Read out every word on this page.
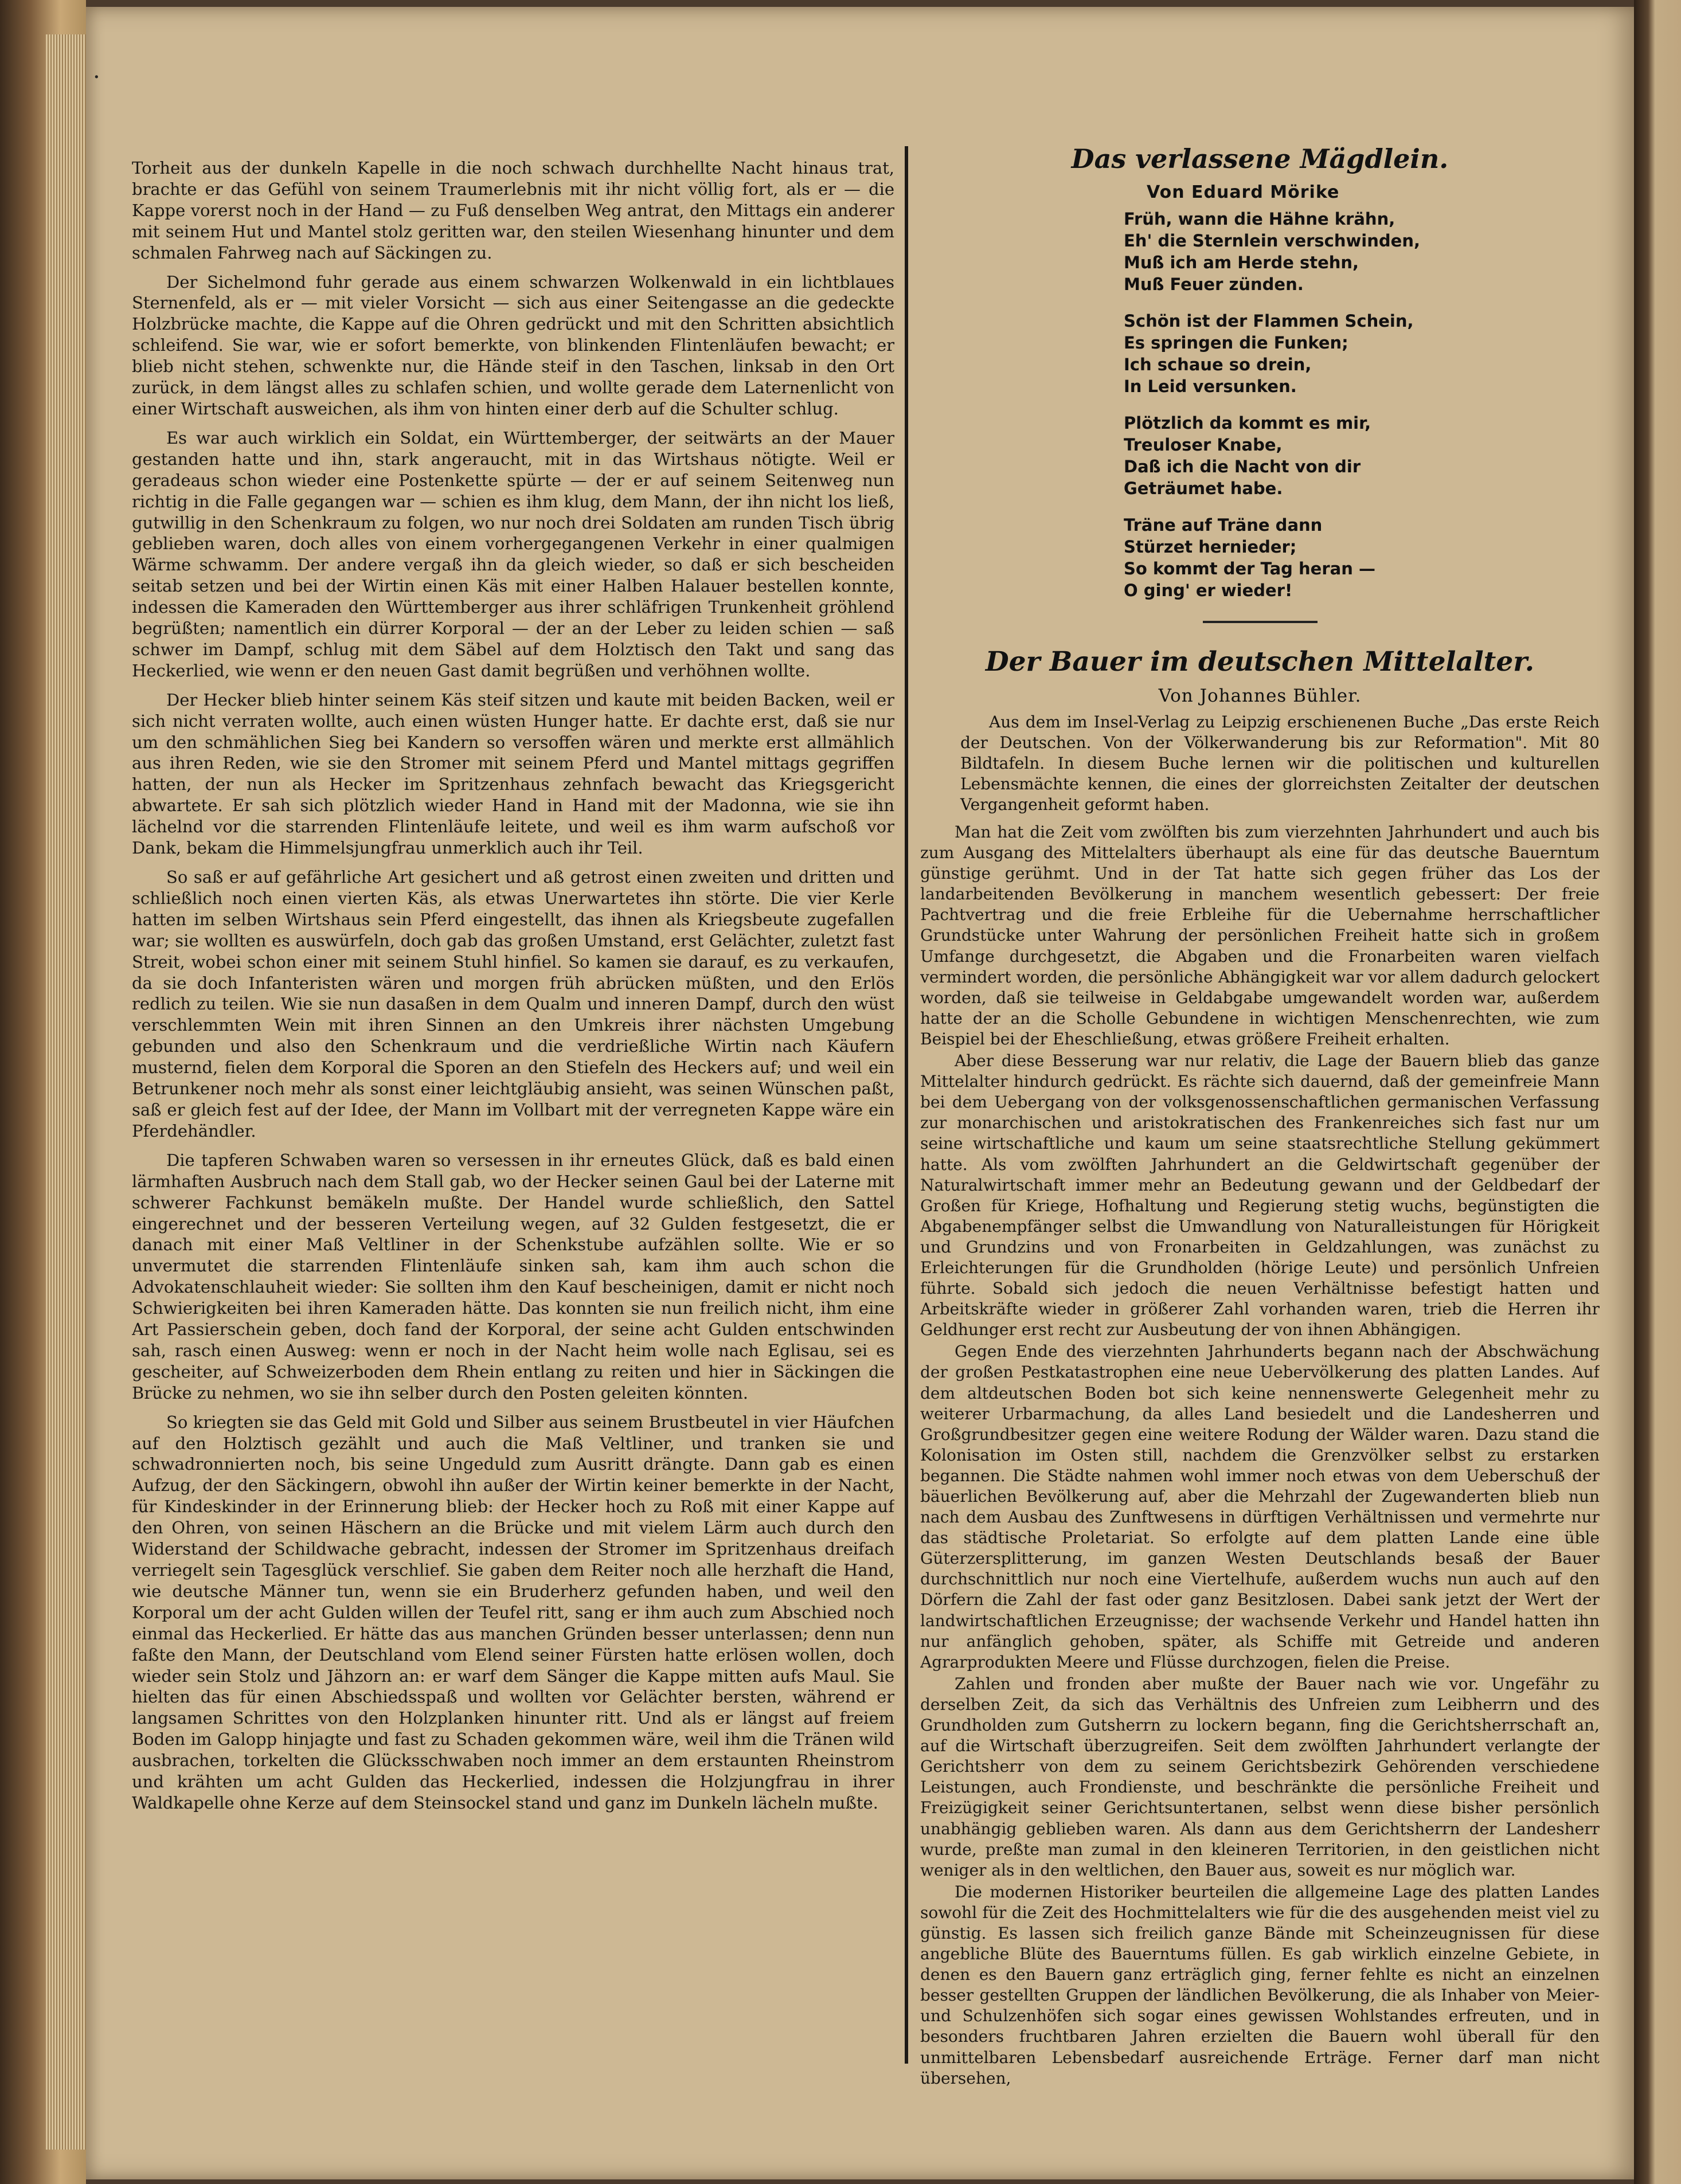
·

Torheit aus der dunkeln Kapelle in die noch schwach durchhellte Nacht hinaus trat, brachte er das Gefühl von seinem Traumerlebnis mit ihr nicht völlig fort, als er — die Kappe vorerst noch in der Hand — zu Fuß denselben Weg antrat, den Mittags ein anderer mit seinem Hut und Mantel stolz geritten war, den steilen Wiesenhang hinunter und dem schmalen Fahrweg nach auf Säckingen zu.

Der Sichelmond fuhr gerade aus einem schwarzen Wolkenwald in ein lichtblaues Sternenfeld, als er — mit vieler Vorsicht — sich aus einer Seitengasse an die gedeckte Holzbrücke machte, die Kappe auf die Ohren gedrückt und mit den Schritten absichtlich schleifend. Sie war, wie er sofort bemerkte, von blinkenden Flintenläufen bewacht; er blieb nicht stehen, schwenkte nur, die Hände steif in den Taschen, linksab in den Ort zurück, in dem längst alles zu schlafen schien, und wollte gerade dem Laternenlicht von einer Wirtschaft ausweichen, als ihm von hinten einer derb auf die Schulter schlug.

Es war auch wirklich ein Soldat, ein Württemberger, der seitwärts an der Mauer gestanden hatte und ihn, stark angeraucht, mit in das Wirtshaus nötigte. Weil er geradeaus schon wieder eine Postenkette spürte — der er auf seinem Seitenweg nun richtig in die Falle gegangen war — schien es ihm klug, dem Mann, der ihn nicht los ließ, gutwillig in den Schenkraum zu folgen, wo nur noch drei Soldaten am runden Tisch übrig geblieben waren, doch alles von einem vorhergegangenen Verkehr in einer qualmigen Wärme schwamm. Der andere vergaß ihn da gleich wieder, so daß er sich bescheiden seitab setzen und bei der Wirtin einen Käs mit einer Halben Halauer bestellen konnte, indessen die Kameraden den Württemberger aus ihrer schläfrigen Trunkenheit gröhlend begrüßten; namentlich ein dürrer Korporal — der an der Leber zu leiden schien — saß schwer im Dampf, schlug mit dem Säbel auf dem Holztisch den Takt und sang das Heckerlied, wie wenn er den neuen Gast damit begrüßen und verhöhnen wollte.

Der Hecker blieb hinter seinem Käs steif sitzen und kaute mit beiden Backen, weil er sich nicht verraten wollte, auch einen wüsten Hunger hatte. Er dachte erst, daß sie nur um den schmählichen Sieg bei Kandern so versoffen wären und merkte erst allmählich aus ihren Reden, wie sie den Stromer mit seinem Pferd und Mantel mittags gegriffen hatten, der nun als Hecker im Spritzenhaus zehnfach bewacht das Kriegsgericht abwartete. Er sah sich plötzlich wieder Hand in Hand mit der Madonna, wie sie ihn lächelnd vor die starrenden Flintenläufe leitete, und weil es ihm warm aufschoß vor Dank, bekam die Himmelsjungfrau unmerklich auch ihr Teil.

So saß er auf gefährliche Art gesichert und aß getrost einen zweiten und dritten und schließlich noch einen vierten Käs, als etwas Unerwartetes ihn störte. Die vier Kerle hatten im selben Wirtshaus sein Pferd eingestellt, das ihnen als Kriegsbeute zugefallen war; sie wollten es auswürfeln, doch gab das großen Umstand, erst Gelächter, zuletzt fast Streit, wobei schon einer mit seinem Stuhl hinfiel. So kamen sie darauf, es zu verkaufen, da sie doch Infanteristen wären und morgen früh abrücken müßten, und den Erlös redlich zu teilen. Wie sie nun dasaßen in dem Qualm und inneren Dampf, durch den wüst verschlemmten Wein mit ihren Sinnen an den Umkreis ihrer nächsten Umgebung gebunden und also den Schenkraum und die verdrießliche Wirtin nach Käufern musternd, fielen dem Korporal die Sporen an den Stiefeln des Heckers auf; und weil ein Betrunkener noch mehr als sonst einer leichtgläubig ansieht, was seinen Wünschen paßt, saß er gleich fest auf der Idee, der Mann im Vollbart mit der verregneten Kappe wäre ein Pferdehändler.

Die tapferen Schwaben waren so versessen in ihr erneutes Glück, daß es bald einen lärmhaften Ausbruch nach dem Stall gab, wo der Hecker seinen Gaul bei der Laterne mit schwerer Fachkunst bemäkeln mußte. Der Handel wurde schließlich, den Sattel eingerechnet und der besseren Verteilung wegen, auf 32 Gulden festgesetzt, die er danach mit einer Maß Veltliner in der Schenkstube aufzählen sollte. Wie er so unvermutet die starrenden Flintenläufe sinken sah, kam ihm auch schon die Advokatenschlauheit wieder: Sie sollten ihm den Kauf bescheinigen, damit er nicht noch Schwierigkeiten bei ihren Kameraden hätte. Das konnten sie nun freilich nicht, ihm eine Art Passierschein geben, doch fand der Korporal, der seine acht Gulden entschwinden sah, rasch einen Ausweg: wenn er noch in der Nacht heim wolle nach Eglisau, sei es gescheiter, auf Schweizerboden dem Rhein entlang zu reiten und hier in Säckingen die Brücke zu nehmen, wo sie ihn selber durch den Posten geleiten könnten.

So kriegten sie das Geld mit Gold und Silber aus seinem Brustbeutel in vier Häufchen auf den Holztisch gezählt und auch die Maß Veltliner, und tranken sie und schwadronnierten noch, bis seine Ungeduld zum Ausritt drängte. Dann gab es einen Aufzug, der den Säckingern, obwohl ihn außer der Wirtin keiner bemerkte in der Nacht, für Kindeskinder in der Erinnerung blieb: der Hecker hoch zu Roß mit einer Kappe auf den Ohren, von seinen Häschern an die Brücke und mit vielem Lärm auch durch den Widerstand der Schildwache gebracht, indessen der Stromer im Spritzenhaus dreifach verriegelt sein Tagesglück verschlief. Sie gaben dem Reiter noch alle herzhaft die Hand, wie deutsche Männer tun, wenn sie ein Bruderherz gefunden haben, und weil den Korporal um der acht Gulden willen der Teufel ritt, sang er ihm auch zum Abschied noch einmal das Heckerlied. Er hätte das aus manchen Gründen besser unterlassen; denn nun faßte den Mann, der Deutschland vom Elend seiner Fürsten hatte erlösen wollen, doch wieder sein Stolz und Jähzorn an: er warf dem Sänger die Kappe mitten aufs Maul. Sie hielten das für einen Abschiedsspaß und wollten vor Gelächter bersten, während er langsamen Schrittes von den Holzplanken hinunter ritt. Und als er längst auf freiem Boden im Galopp hinjagte und fast zu Schaden gekommen wäre, weil ihm die Tränen wild ausbrachen, torkelten die Glücksschwaben noch immer an dem erstaunten Rheinstrom und krähten um acht Gulden das Heckerlied, indessen die Holzjungfrau in ihrer Waldkapelle ohne Kerze auf dem Steinsockel stand und ganz im Dunkeln lächeln mußte.

Das verlassene Mägdlein.
Von Eduard Mörike
Früh, wann die Hähne krähn,
Eh' die Sternlein verschwinden,
Muß ich am Herde stehn,
Muß Feuer zünden.
Schön ist der Flammen Schein,
Es springen die Funken;
Ich schaue so drein,
In Leid versunken.
Plötzlich da kommt es mir,
Treuloser Knabe,
Daß ich die Nacht von dir
Geträumet habe.
Träne auf Träne dann
Stürzet hernieder;
So kommt der Tag heran —
O ging' er wieder!
Der Bauer im deutschen Mittelalter.
Von Johannes Bühler.
Aus dem im Insel-Verlag zu Leipzig erschienenen Buche „Das erste Reich der Deutschen. Von der Völkerwanderung bis zur Reformation". Mit 80 Bildtafeln. In diesem Buche lernen wir die politischen und kulturellen Lebensmächte kennen, die eines der glorreichsten Zeitalter der deutschen Vergangenheit geformt haben.

Man hat die Zeit vom zwölften bis zum vierzehnten Jahrhundert und auch bis zum Ausgang des Mittelalters überhaupt als eine für das deutsche Bauerntum günstige gerühmt. Und in der Tat hatte sich gegen früher das Los der landarbeitenden Bevölkerung in manchem wesentlich gebessert: Der freie Pachtvertrag und die freie Erbleihe für die Uebernahme herrschaftlicher Grundstücke unter Wahrung der persönlichen Freiheit hatte sich in großem Umfange durchgesetzt, die Abgaben und die Fronarbeiten waren vielfach vermindert worden, die persönliche Abhängigkeit war vor allem dadurch gelockert worden, daß sie teilweise in Geldabgabe umgewandelt worden war, außerdem hatte der an die Scholle Gebundene in wichtigen Menschenrechten, wie zum Beispiel bei der Eheschließung, etwas größere Freiheit erhalten.

Aber diese Besserung war nur relativ, die Lage der Bauern blieb das ganze Mittelalter hindurch gedrückt. Es rächte sich dauernd, daß der gemeinfreie Mann bei dem Uebergang von der volksgenossenschaftlichen germanischen Verfassung zur monarchischen und aristokratischen des Frankenreiches sich fast nur um seine wirtschaftliche und kaum um seine staatsrechtliche Stellung gekümmert hatte. Als vom zwölften Jahrhundert an die Geldwirtschaft gegenüber der Naturalwirtschaft immer mehr an Bedeutung gewann und der Geldbedarf der Großen für Kriege, Hofhaltung und Regierung stetig wuchs, begünstigten die Abgabenempfänger selbst die Umwandlung von Naturalleistungen für Hörigkeit und Grundzins und von Fronarbeiten in Geldzahlungen, was zunächst zu Erleichterungen für die Grundholden (hörige Leute) und persönlich Unfreien führte. Sobald sich jedoch die neuen Verhältnisse befestigt hatten und Arbeitskräfte wieder in größerer Zahl vorhanden waren, trieb die Herren ihr Geldhunger erst recht zur Ausbeutung der von ihnen Abhängigen.

Gegen Ende des vierzehnten Jahrhunderts begann nach der Abschwächung der großen Pestkatastrophen eine neue Uebervölkerung des platten Landes. Auf dem altdeutschen Boden bot sich keine nennenswerte Gelegenheit mehr zu weiterer Urbarmachung, da alles Land besiedelt und die Landesherren und Großgrundbesitzer gegen eine weitere Rodung der Wälder waren. Dazu stand die Kolonisation im Osten still, nachdem die Grenzvölker selbst zu erstarken begannen. Die Städte nahmen wohl immer noch etwas von dem Ueberschuß der bäuerlichen Bevölkerung auf, aber die Mehrzahl der Zugewanderten blieb nun nach dem Ausbau des Zunftwesens in dürftigen Verhältnissen und vermehrte nur das städtische Proletariat. So erfolgte auf dem platten Lande eine üble Güterzersplitterung, im ganzen Westen Deutschlands besaß der Bauer durchschnittlich nur noch eine Viertelhufe, außerdem wuchs nun auch auf den Dörfern die Zahl der fast oder ganz Besitzlosen. Dabei sank jetzt der Wert der landwirtschaftlichen Erzeugnisse; der wachsende Verkehr und Handel hatten ihn nur anfänglich gehoben, später, als Schiffe mit Getreide und anderen Agrarprodukten Meere und Flüsse durchzogen, fielen die Preise.

Zahlen und fronden aber mußte der Bauer nach wie vor. Ungefähr zu derselben Zeit, da sich das Verhältnis des Unfreien zum Leibherrn und des Grundholden zum Gutsherrn zu lockern begann, fing die Gerichtsherrschaft an, auf die Wirtschaft überzugreifen. Seit dem zwölften Jahrhundert verlangte der Gerichtsherr von dem zu seinem Gerichtsbezirk Gehörenden verschiedene Leistungen, auch Frondienste, und beschränkte die persönliche Freiheit und Freizügigkeit seiner Gerichtsuntertanen, selbst wenn diese bisher persönlich unabhängig geblieben waren. Als dann aus dem Gerichtsherrn der Landesherr wurde, preßte man zumal in den kleineren Territorien, in den geistlichen nicht weniger als in den weltlichen, den Bauer aus, soweit es nur möglich war.

Die modernen Historiker beurteilen die allgemeine Lage des platten Landes sowohl für die Zeit des Hochmittelalters wie für die des ausgehenden meist viel zu günstig. Es lassen sich freilich ganze Bände mit Scheinzeugnissen für diese angebliche Blüte des Bauerntums füllen. Es gab wirklich einzelne Gebiete, in denen es den Bauern ganz erträglich ging, ferner fehlte es nicht an einzelnen besser gestellten Gruppen der ländlichen Bevölkerung, die als Inhaber von Meier- und Schulzenhöfen sich sogar eines gewissen Wohlstandes erfreuten, und in besonders fruchtbaren Jahren erzielten die Bauern wohl überall für den unmittelbaren Lebensbedarf ausreichende Erträge. Ferner darf man nicht übersehen,
